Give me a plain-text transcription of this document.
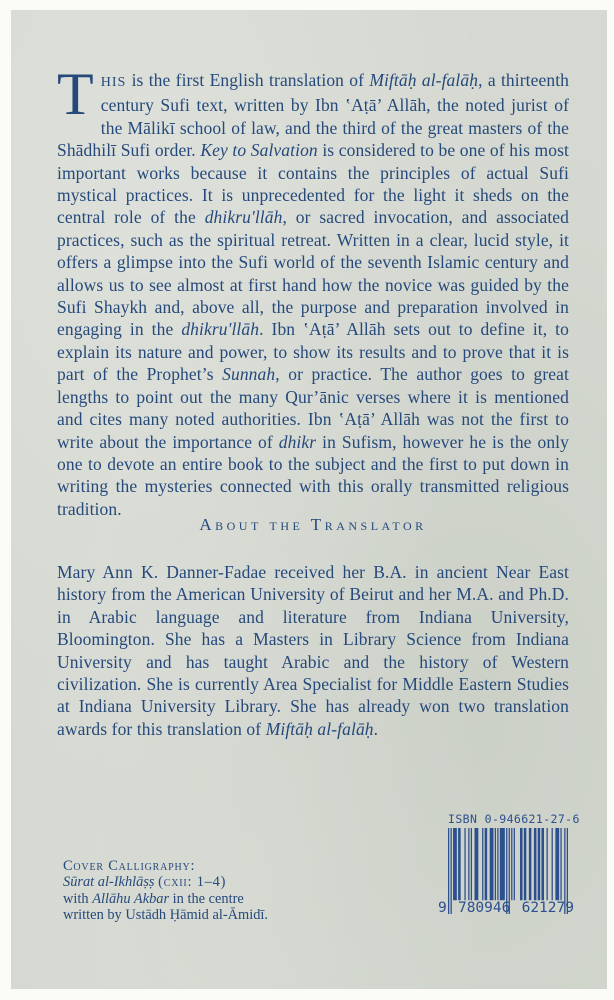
THIS is the first English translation of Miftāḥ al-falāḥ, a thirteenth century Sufi text, written by Ibn ʽAṭā’ Allāh, the noted jurist of the Mālikī school of law, and the third of the great masters of the Shādhilī Sufi order. Key to Salvation is considered to be one of his most important works because it contains the principles of actual Sufi mystical practices. It is unprecedented for the light it sheds on the central role of the dhikru'llāh, or sacred invocation, and associated practices, such as the spiritual retreat. Written in a clear, lucid style, it offers a glimpse into the Sufi world of the seventh Islamic century and allows us to see almost at first hand how the novice was guided by the Sufi Shaykh and, above all, the purpose and preparation involved in engaging in the dhikru'llāh. Ibn ʽAṭā’ Allāh sets out to define it, to explain its nature and power, to show its results and to prove that it is part of the Prophet’s Sunnah, or practice. The author goes to great lengths to point out the many Qur’ānic verses where it is mentioned and cites many noted authorities. Ibn ʽAṭā’ Allāh was not the first to write about the importance of dhikr in Sufism, however he is the only one to devote an entire book to the subject and the first to put down in writing the mysteries connected with this orally transmitted religious tradition.

About the Translator

Mary Ann K. Danner-Fadae received her B.A. in ancient Near East history from the American University of Beirut and her M.A. and Ph.D. in Arabic language and literature from Indiana University, Bloomington. She has a Masters in Library Science from Indiana University and has taught Arabic and the history of Western civilization. She is currently Area Specialist for Middle Eastern Studies at Indiana University Library. She has already won two translation awards for this translation of Miftāḥ al-falāḥ.

ISBN 0-946621-27-6
9 780946 621279
Cover Calligraphy:
Sūrat al-Ikhlāṣṣ (cxii: 1–4)
with Allāhu Akbar in the centre
written by Ustādh Ḥāmid al-Āmidī.
